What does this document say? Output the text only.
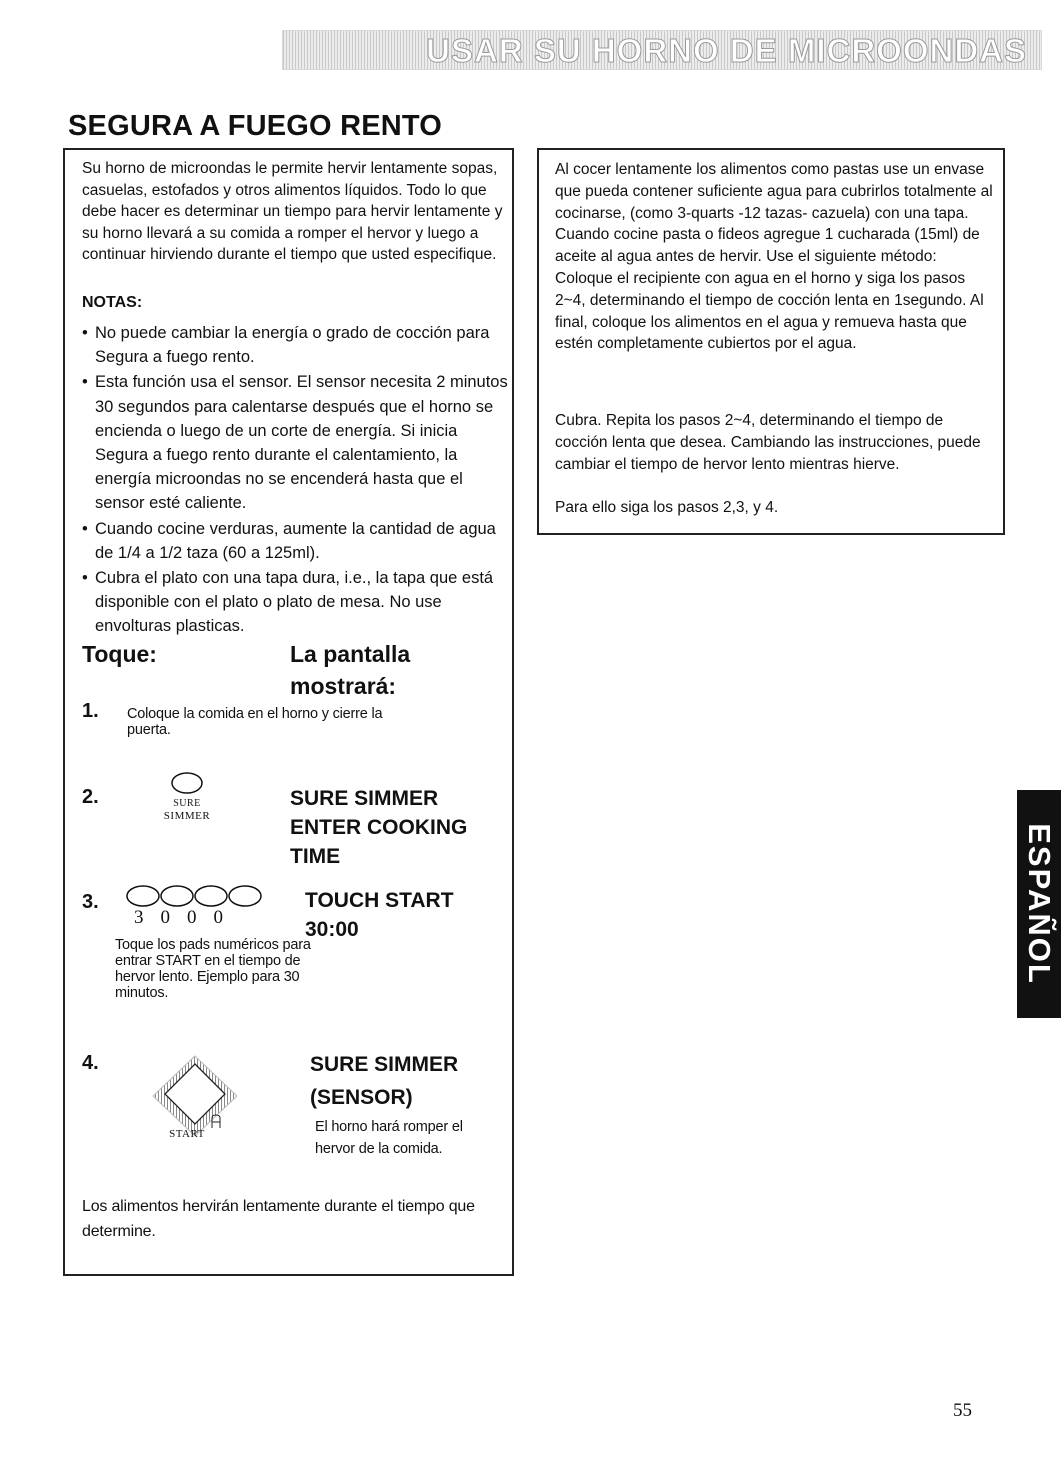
USAR SU HORNO DE MICROONDAS
SEGURA A FUEGO RENTO

Su horno de microondas le permite hervir lentamente sopas, casuelas, estofados y otros alimentos líquidos. Todo lo que debe hacer es determinar un tiempo para hervir lentamente y su horno llevará a su comida a romper el hervor y luego a continuar hirviendo durante el tiempo que usted especifique.

NOTAS:
• No puede cambiar la energía o grado de cocción para Segura a fuego rento.
• Esta función usa el sensor. El sensor necesita 2 minutos 30 segundos para calentarse después que el horno se encienda o luego de un corte de energía. Si inicia Segura a fuego rento durante el calentamiento, la energía microondas no se encenderá hasta que el sensor esté caliente.
• Cuando cocine verduras, aumente la cantidad de agua de 1/4 a 1/2 taza (60 a 125ml).
• Cubra el plato con una tapa dura, i.e., la tapa que está disponible con el plato o plato de mesa. No use envolturas plasticas.
Toque:	La pantalla
mostrará:
1. Coloque la comida en el horno y cierre la puerta.

2.	SURE
SIMMER
SURE SIMMER
ENTER COOKING
TIME
3.
3000

Toque los pads numéricos para entrar START en el tiempo de hervor lento. Ejemplo para 30 minutos.

TOUCH START
30:00
4.
START
SURE SIMMER
(SENSOR)

El horno hará romper el hervor de la comida.

Los alimentos hervirán lentamente durante el tiempo que determine.

Al cocer lentamente los alimentos como pastas use un envase que pueda contener suficiente agua para cubrirlos totalmente al cocinarse, (como 3-quarts -12 tazas- cazuela) con una tapa. Cuando cocine pasta o fideos agregue 1 cucharada (15ml) de aceite al agua antes de hervir. Use el siguiente método: Coloque el recipiente con agua en el horno y siga los pasos 2~4, determinando el tiempo de cocción lenta en 1segundo. Al final, coloque los alimentos en el agua y remueva hasta que estén completamente cubiertos por el agua.

Cubra. Repita los pasos 2~4, determinando el tiempo de cocción lenta que desea. Cambiando las instrucciones, puede cambiar el tiempo de hervor lento mientras hierve.

Para ello siga los pasos 2,3, y 4.

ESPAÑOL
55
